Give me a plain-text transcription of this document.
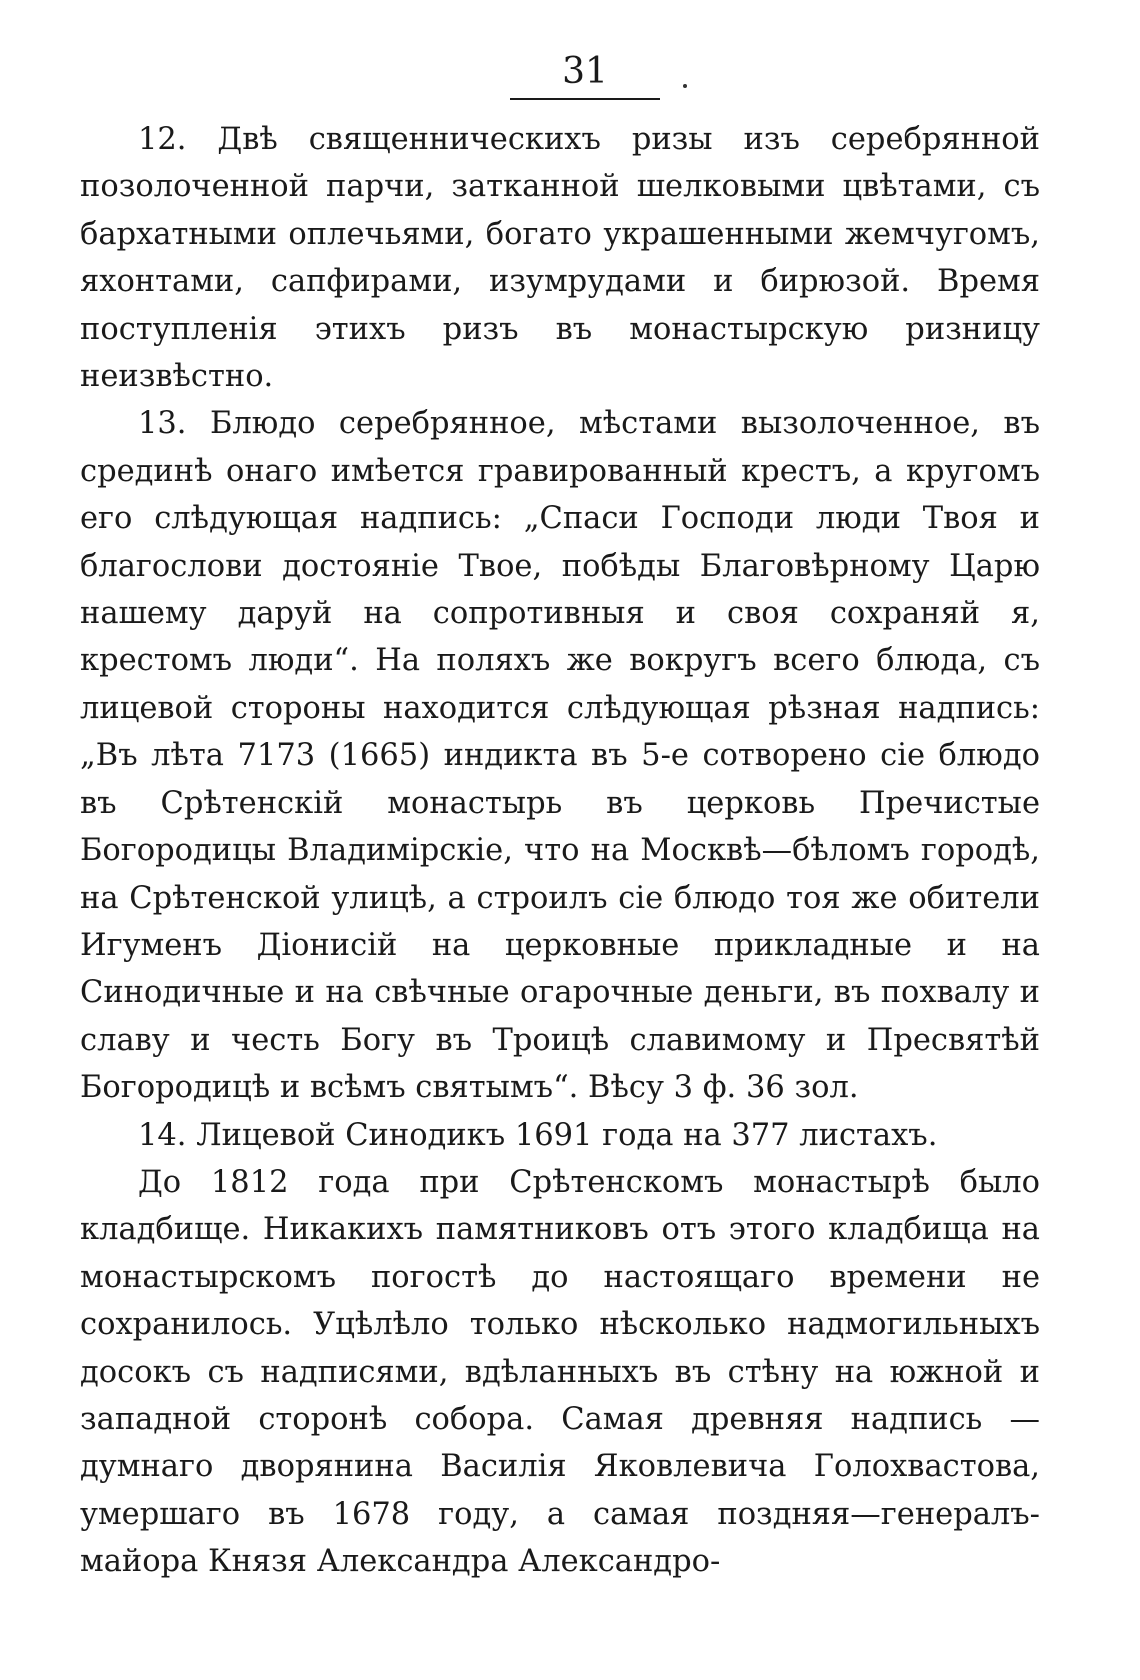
31

12. Двѣ священническихъ ризы изъ серебрянной позолоченной парчи, затканной шелковыми цвѣтами, съ бархатными оплечьями, богато украшенными жемчугомъ, яхонтами, сапфирами, изумрудами и бирюзой. Время поступленія этихъ ризъ въ монастырскую ризницу неизвѣстно.

13. Блюдо серебрянное, мѣстами вызолоченное, въ срединѣ онаго имѣется гравированный крестъ, а кругомъ его слѣдующая надпись: „Спаси Господи люди Твоя и благослови достояніе Твое, побѣды Благовѣрному Царю нашему даруй на сопротивныя и своя сохраняй я, крестомъ люди“. На поляхъ же вокругъ всего блюда, съ лицевой стороны находится слѣдующая рѣзная надпись: „Въ лѣта 7173 (1665) индикта въ 5-е сотворено сіе блюдо въ Срѣтенскій монастырь въ церковь Пречистые Богородицы Владимірскіе, что на Москвѣ—бѣломъ городѣ, на Срѣтенской улицѣ, а строилъ сіе блюдо тоя же обители Игуменъ Діонисій на церковные прикладные и на Синодичные и на свѣчные огарочные деньги, въ похвалу и славу и честь Богу въ Троицѣ славимому и Пресвятѣй Богородицѣ и всѣмъ святымъ“. Вѣсу 3 ф. 36 зол.

14. Лицевой Синодикъ 1691 года на 377 листахъ.

До 1812 года при Срѣтенскомъ монастырѣ было кладбище. Никакихъ памятниковъ отъ этого кладбища на монастырскомъ погостѣ до настоящаго времени не сохранилось. Уцѣлѣло только нѣсколько надмогильныхъ досокъ съ надписями, вдѣланныхъ въ стѣну на южной и западной сторонѣ собора. Самая древняя надпись — думнаго дворянина Василія Яковлевича Голохвастова, умершаго въ 1678 году, а самая поздняя—генералъ-майора Князя Александра Александро-
